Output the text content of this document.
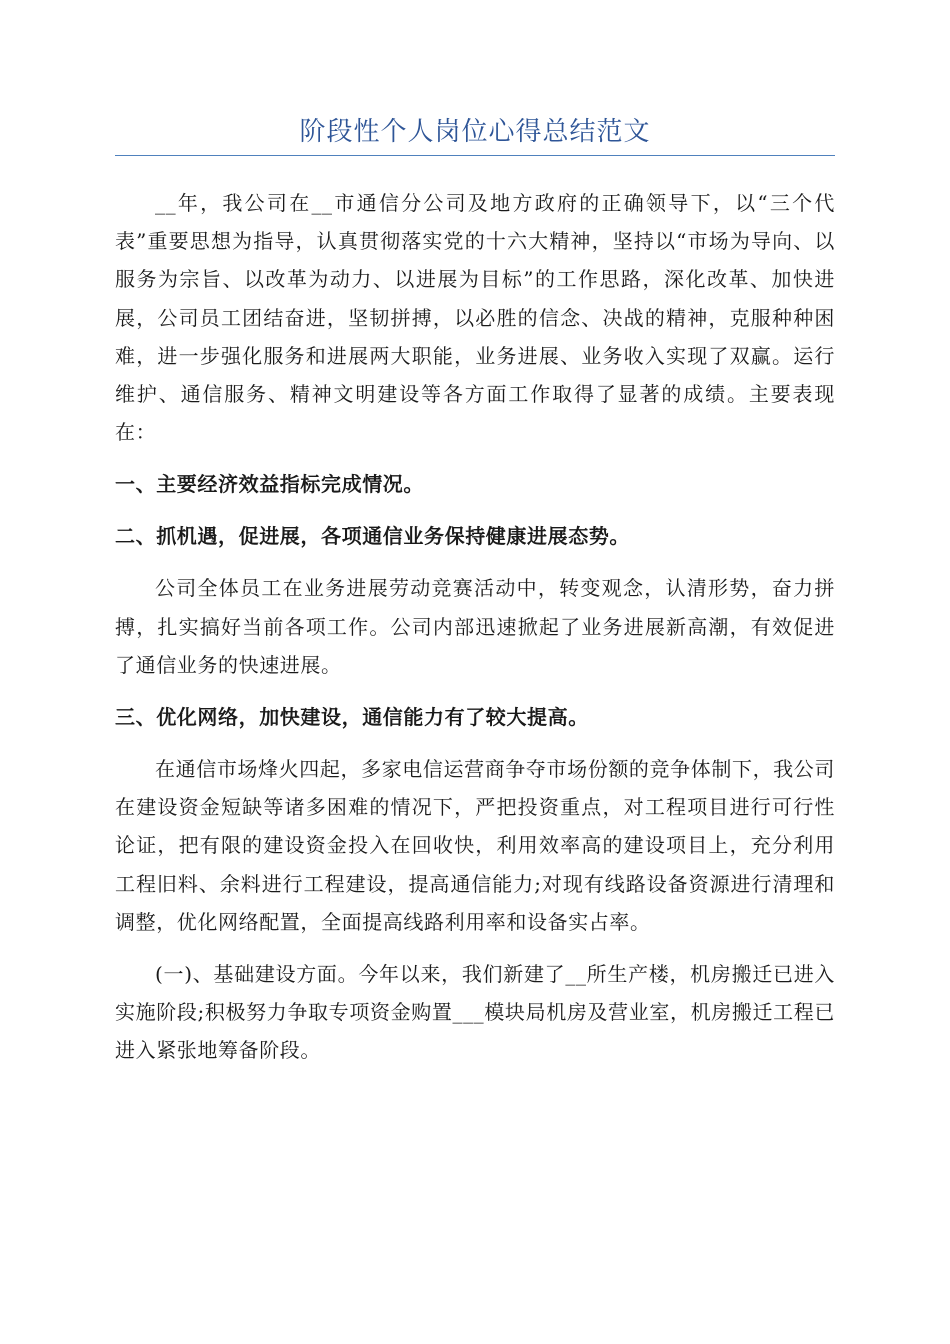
阶段性个人岗位心得总结范文

__年，我公司在__市通信分公司及地方政府的正确领导下，以“三个代表”重要思想为指导，认真贯彻落实党的十六大精神，坚持以“市场为导向、以服务为宗旨、以改革为动力、以进展为目标”的工作思路，深化改革、加快进展，公司员工团结奋进，坚韧拼搏，以必胜的信念、决战的精神，克服种种困难，进一步强化服务和进展两大职能，业务进展、业务收入实现了双赢。运行维护、通信服务、精神文明建设等各方面工作取得了显著的成绩。主要表现在：

一、主要经济效益指标完成情况。

二、抓机遇，促进展，各项通信业务保持健康进展态势。

公司全体员工在业务进展劳动竞赛活动中，转变观念，认清形势，奋力拼搏，扎实搞好当前各项工作。公司内部迅速掀起了业务进展新高潮，有效促进了通信业务的快速进展。

三、优化网络，加快建设，通信能力有了较大提高。

在通信市场烽火四起，多家电信运营商争夺市场份额的竞争体制下，我公司在建设资金短缺等诸多困难的情况下，严把投资重点，对工程项目进行可行性论证，把有限的建设资金投入在回收快，利用效率高的建设项目上，充分利用工程旧料、余料进行工程建设，提高通信能力;对现有线路设备资源进行清理和调整，优化网络配置，全面提高线路利用率和设备实占率。

(一)、基础建设方面。今年以来，我们新建了__所生产楼，机房搬迁已进入实施阶段;积极努力争取专项资金购置___模块局机房及营业室，机房搬迁工程已进入紧张地筹备阶段。
